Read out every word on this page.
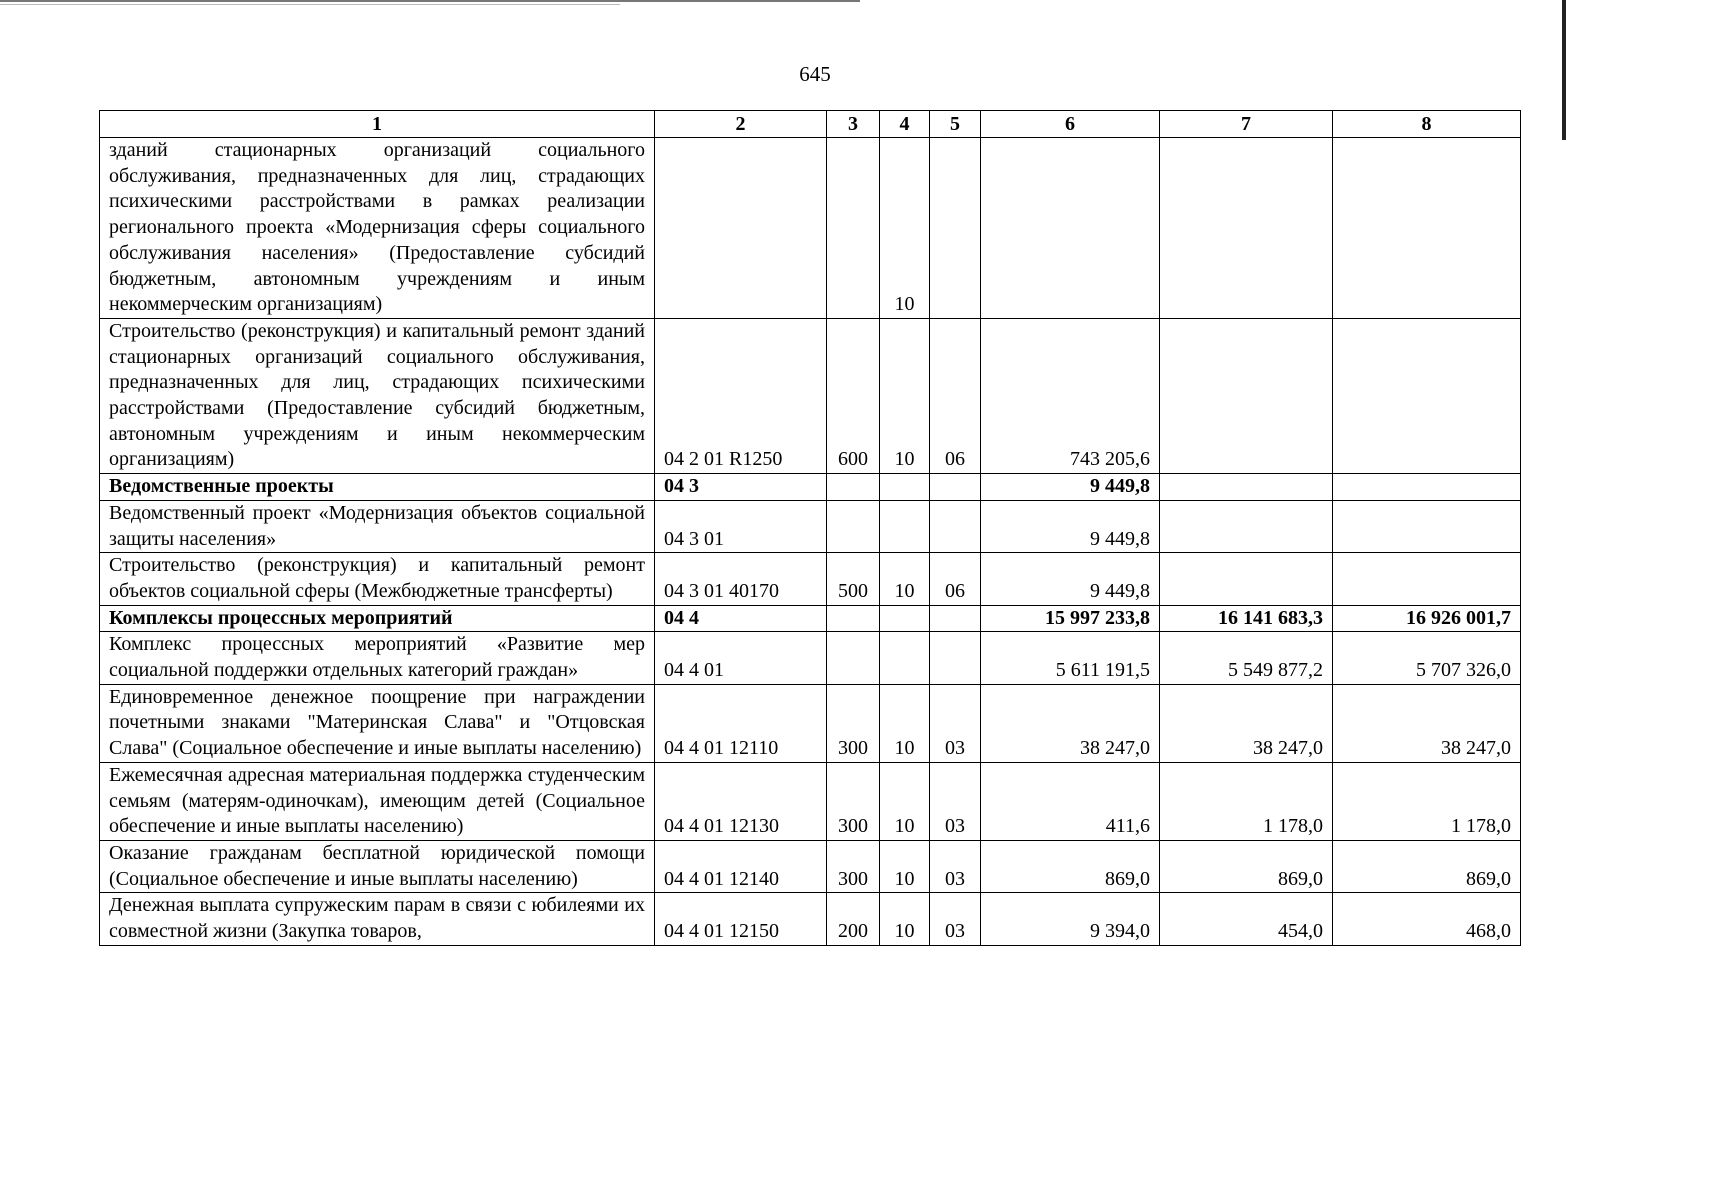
645
1	2	3	4	5	6	7	8
зданий стационарных организаций социального обслуживания, предназначенных для лиц, страдающих психическими расстройствами в рамках реализации регионального проекта «Модернизация сферы социального обслуживания населения» (Предоставление субсидий бюджетным, автономным учреждениям и иным некоммерческим организациям)			10				
Строительство (реконструкция) и капитальный ремонт зданий стационарных организаций социального обслуживания, предназначенных для лиц, страдающих психическими расстройствами (Предоставление субсидий бюджетным, автономным учреждениям и иным некоммерческим организациям)	04 2 01 R1250	600	10	06	743 205,6		
Ведомственные проекты	04 3				9 449,8		
Ведомственный проект «Модернизация объектов социальной защиты населения»	04 3 01				9 449,8		
Строительство (реконструкция) и капитальный ремонт объектов социальной сферы (Межбюджетные трансферты)	04 3 01 40170	500	10	06	9 449,8		
Комплексы процессных мероприятий	04 4				15 997 233,8	16 141 683,3	16 926 001,7
Комплекс процессных мероприятий «Развитие мер социальной поддержки отдельных категорий граждан»	04 4 01				5 611 191,5	5 549 877,2	5 707 326,0
Единовременное денежное поощрение при награждении почетными знаками "Материнская Слава" и "Отцовская Слава" (Социальное обеспечение и иные выплаты населению)	04 4 01 12110	300	10	03	38 247,0	38 247,0	38 247,0
Ежемесячная адресная материальная поддержка студенческим семьям (матерям-одиночкам), имеющим детей (Социальное обеспечение и иные выплаты населению)	04 4 01 12130	300	10	03	411,6	1 178,0	1 178,0
Оказание гражданам бесплатной юридической помощи (Социальное обеспечение и иные выплаты населению)	04 4 01 12140	300	10	03	869,0	869,0	869,0
Денежная выплата супружеским парам в связи с юбилеями их совместной жизни (Закупка товаров,	04 4 01 12150	200	10	03	9 394,0	454,0	468,0
